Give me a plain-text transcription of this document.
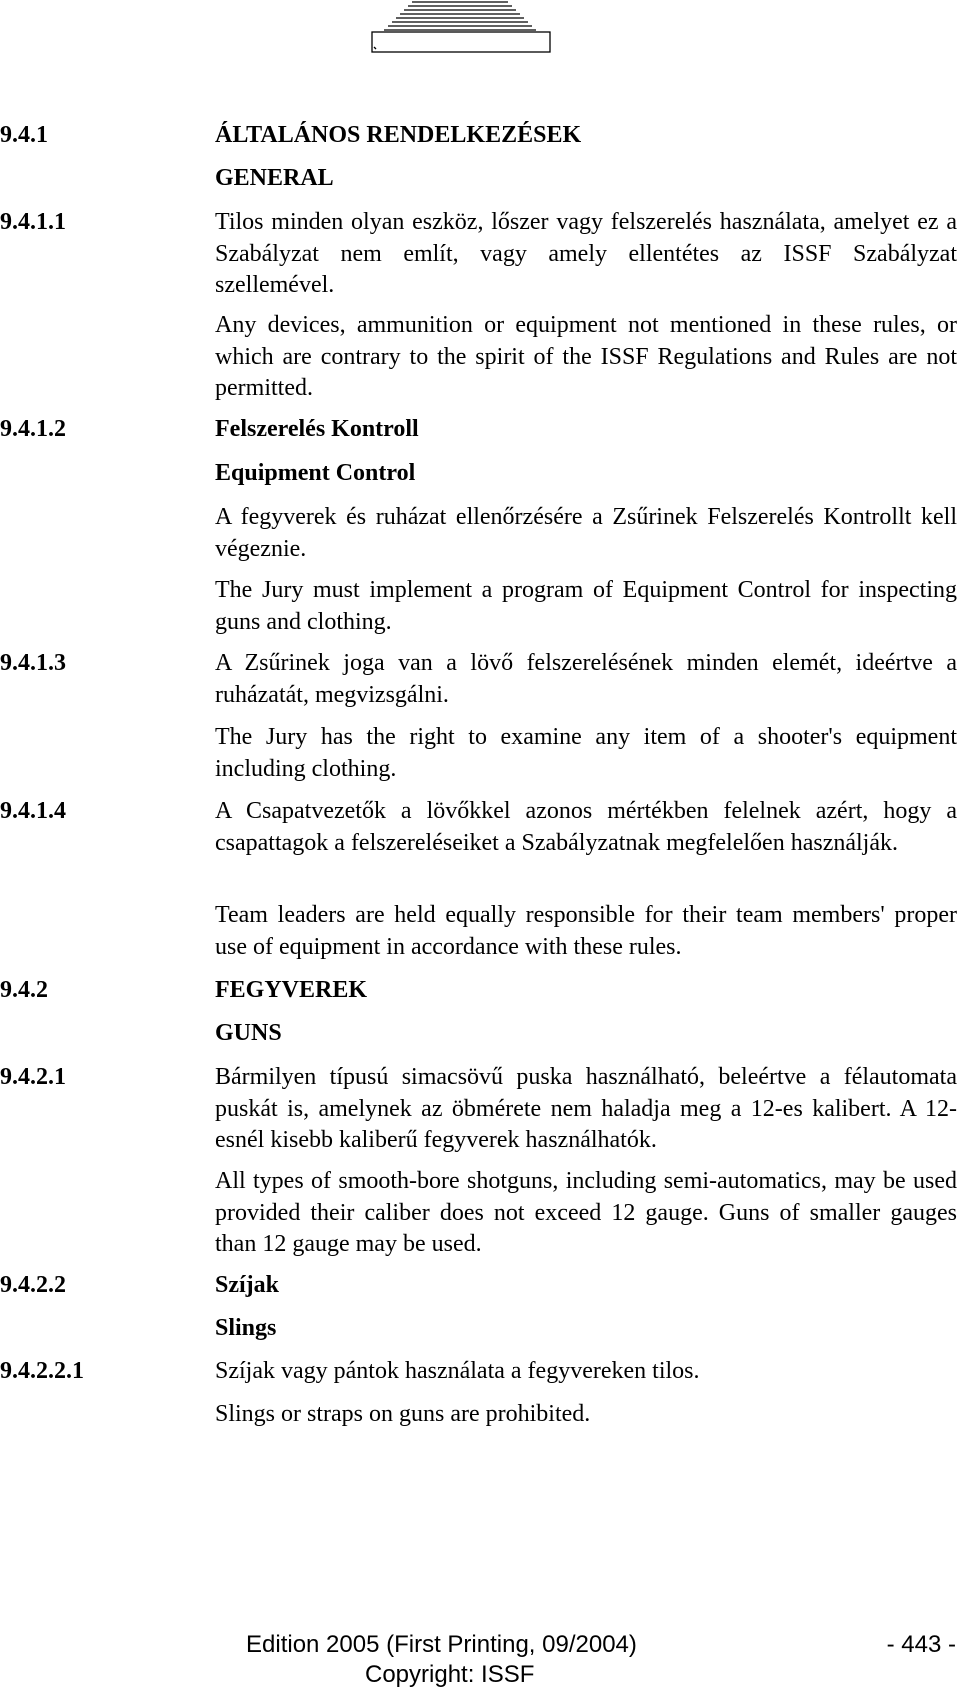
9.4.1	ÁLTALÁNOS RENDELKEZÉSEK
GENERAL
9.4.1.1	Tilos minden olyan eszköz, lőszer vagy felszerelés használata, amelyet ez a Szabályzat nem említ, vagy amely ellentétes az ISSF Szabályzat szellemével.
Any devices, ammunition or equipment not mentioned in these rules, or which are contrary to the spirit of the ISSF Regulations and Rules are not permitted.
9.4.1.2	Felszerelés Kontroll
Equipment Control
A fegyverek és ruházat ellenőrzésére a Zsűrinek Felszerelés Kontrollt kell végeznie.
The Jury must implement a program of Equipment Control for inspecting guns and clothing.
9.4.1.3	A Zsűrinek joga van a lövő felszerelésének minden elemét, ideértve a ruházatát, megvizsgálni.
The Jury has the right to examine any item of a shooter's equipment including clothing.
9.4.1.4	A Csapatvezetők a lövőkkel azonos mértékben felelnek azért, hogy a csapattagok a felszereléseiket a Szabályzatnak megfelelően használják.
Team leaders are held equally responsible for their team members' proper use of equipment in accordance with these rules.
9.4.2	FEGYVEREK
GUNS
9.4.2.1	Bármilyen típusú simacsövű puska használható, beleértve a félautomata puskát is, amelynek az öbmérete nem haladja meg a 12-es kalibert. A 12-esnél kisebb kaliberű fegyverek használhatók.
All types of smooth-bore shotguns, including semi-automatics, may be used provided their caliber does not exceed 12 gauge. Guns of smaller gauges than 12 gauge may be used.
9.4.2.2	Szíjak
Slings
9.4.2.2.1	Szíjak vagy pántok használata a fegyvereken tilos.
Slings or straps on guns are prohibited.
Edition 2005 (First Printing, 09/2004)	- 443 -
Copyright: ISSF
